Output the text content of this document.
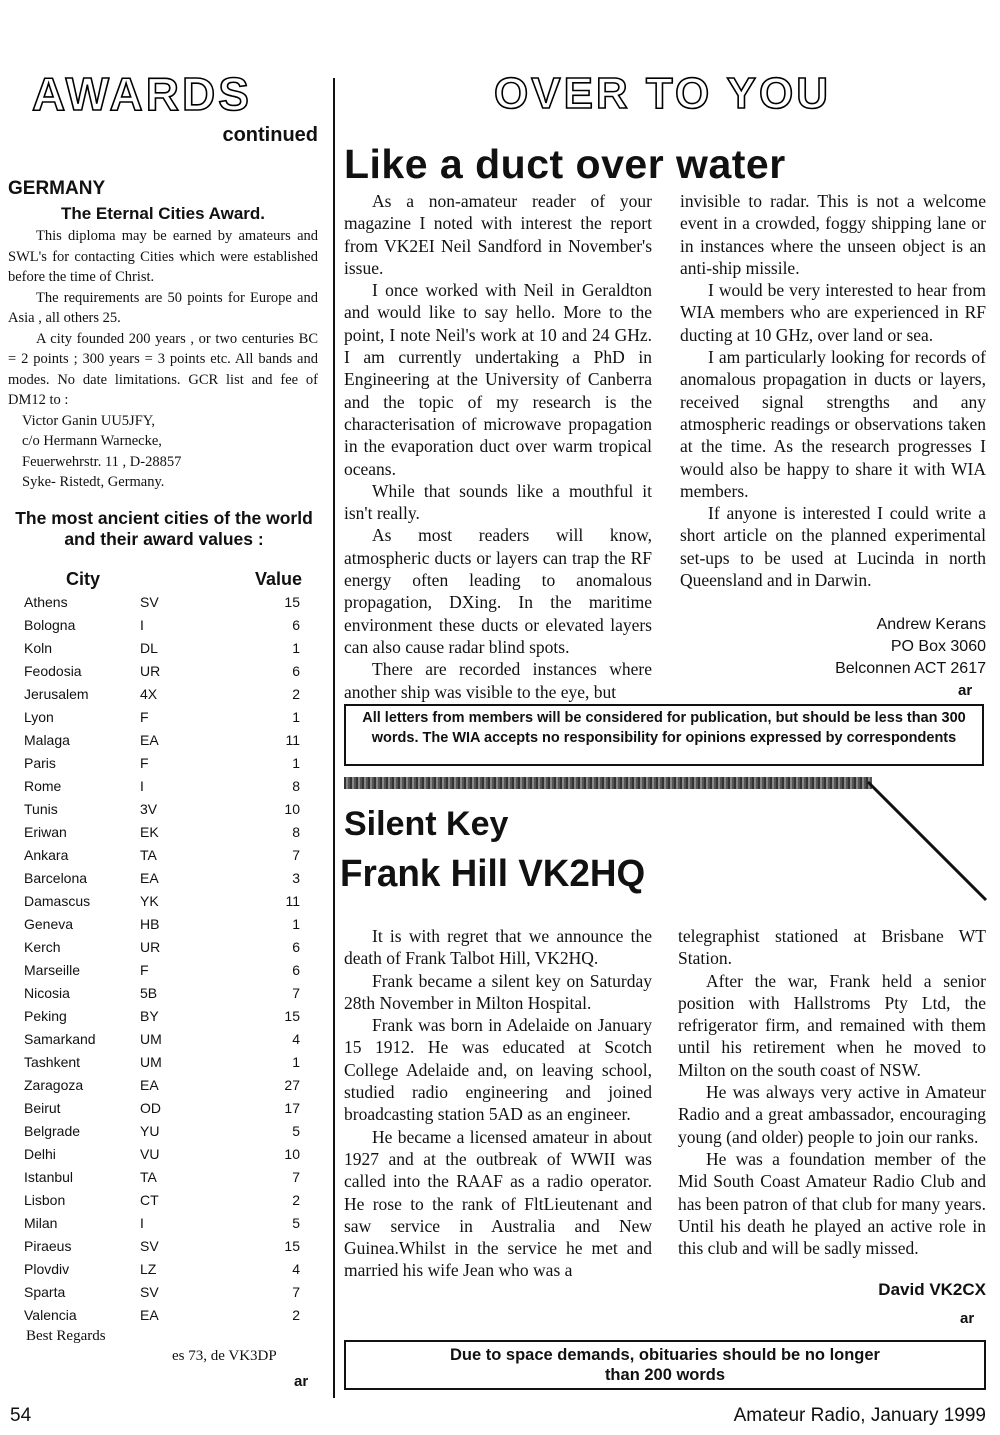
AWARDS
continued
GERMANY
The Eternal Cities Award.

This diploma may be earned by amateurs and SWL's for contacting Cities which were established before the time of Christ.

The requirements are 50 points for Europe and Asia , all others 25.

A city founded 200 years , or two centuries BC = 2 points ; 300 years = 3 points etc. All bands and modes. No date limitations. GCR list and fee of DM12 to :

Victor Ganin UU5JFY,
c/o Hermann Warnecke,
Feuerwehrstr. 11 , D-28857
Syke- Ristedt, Germany.
The most ancient cities of the world and their award values :
City	Value
Athens	SV	15
Bologna	I	6
Koln	DL	1
Feodosia	UR	6
Jerusalem	4X	2
Lyon	F	1
Malaga	EA	11
Paris	F	1
Rome	I	8
Tunis	3V	10
Eriwan	EK	8
Ankara	TA	7
Barcelona	EA	3
Damascus	YK	11
Geneva	HB	1
Kerch	UR	6
Marseille	F	6
Nicosia	5B	7
Peking	BY	15
Samarkand	UM	4
Tashkent	UM	1
Zaragoza	EA	27
Beirut	OD	17
Belgrade	YU	5
Delhi	VU	10
Istanbul	TA	7
Lisbon	CT	2
Milan	I	5
Piraeus	SV	15
Plovdiv	LZ	4
Sparta	SV	7
Valencia	EA	2
Best Regards
es 73, de VK3DP
ar
OVER TO YOU
Like a duct over water

As a non-amateur reader of your magazine I noted with interest the report from VK2EI Neil Sandford in November's issue.

I once worked with Neil in Geraldton and would like to say hello. More to the point, I note Neil's work at 10 and 24 GHz. I am currently undertaking a PhD in Engineering at the University of Canberra and the topic of my research is the characterisation of microwave propagation in the evaporation duct over warm tropical oceans.

While that sounds like a mouthful it isn't really.

As most readers will know, atmospheric ducts or layers can trap the RF energy often leading to anomalous propagation, DXing. In the maritime environment these ducts or elevated layers can also cause radar blind spots.

There are recorded instances where another ship was visible to the eye, but

invisible to radar. This is not a welcome event in a crowded, foggy shipping lane or in instances where the unseen object is an anti-ship missile.

I would be very interested to hear from WIA members who are experienced in RF ducting at 10 GHz, over land or sea.

I am particularly looking for records of anomalous propagation in ducts or layers, received signal strengths and any atmospheric readings or observations taken at the time. As the research progresses I would also be happy to share it with WIA members.

If anyone is interested I could write a short article on the planned experimental set-ups to be used at Lucinda in north Queensland and in Darwin.

Andrew Kerans
PO Box 3060
Belconnen ACT 2617
ar
All letters from members will be considered for publication, but should be less than 300 words. The WIA accepts no responsibility for opinions expressed by correspondents
Silent Key
Frank Hill VK2HQ

It is with regret that we announce the death of Frank Talbot Hill, VK2HQ.

Frank became a silent key on Saturday 28th November in Milton Hospital.

Frank was born in Adelaide on January 15 1912. He was educated at Scotch College Adelaide and, on leaving school, studied radio engineering and joined broadcasting station 5AD as an engineer.

He became a licensed amateur in about 1927 and at the outbreak of WWII was called into the RAAF as a radio operator. He rose to the rank of FltLieutenant and saw service in Australia and New Guinea.Whilst in the service he met and married his wife Jean who was a

telegraphist stationed at Brisbane WT Station.

After the war, Frank held a senior position with Hallstroms Pty Ltd, the refrigerator firm, and remained with them until his retirement when he moved to Milton on the south coast of NSW.

He was always very active in Amateur Radio and a great ambassador, encouraging young (and older) people to join our ranks.

He was a foundation member of the Mid South Coast Amateur Radio Club and has been patron of that club for many years. Until his death he played an active role in this club and will be sadly missed.

David VK2CX
ar
Due to space demands, obituaries should be no longer than 200 words
54	Amateur Radio, January 1999
